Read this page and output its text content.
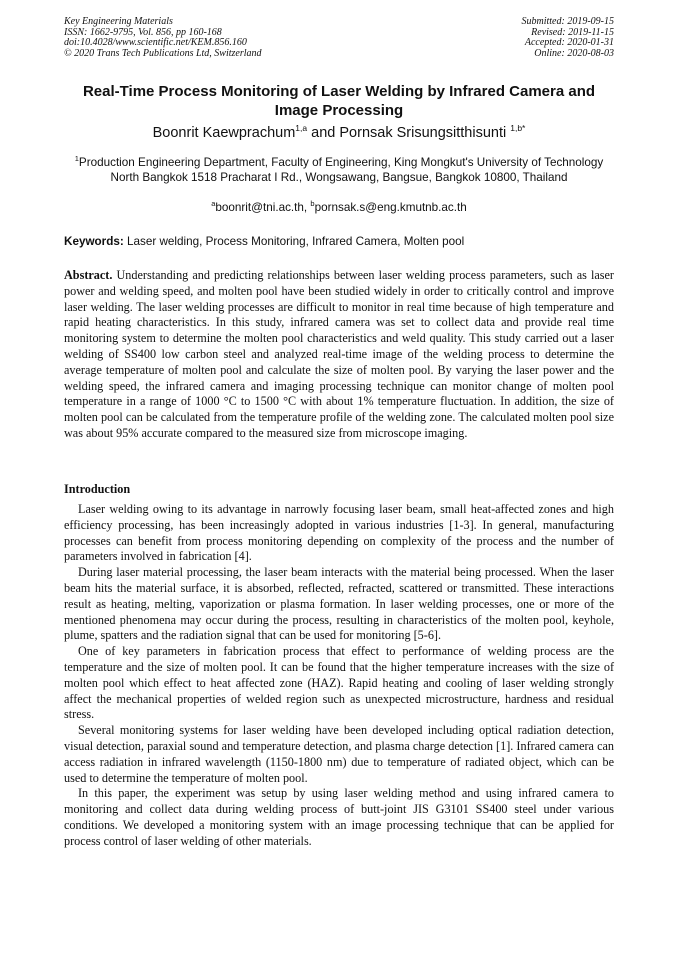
Key Engineering Materials
ISSN: 1662-9795, Vol. 856, pp 160-168
doi:10.4028/www.scientific.net/KEM.856.160
© 2020 Trans Tech Publications Ltd, Switzerland
Submitted: 2019-09-15
Revised: 2019-11-15
Accepted: 2020-01-31
Online: 2020-08-03
Real-Time Process Monitoring of Laser Welding by Infrared Camera and Image Processing
Boonrit Kaewprachum$^{1,a}$ and Pornsak Srisungsitthisunti $^{1,b*}$
$^1$Production Engineering Department, Faculty of Engineering, King Mongkut's University of Technology North Bangkok 1518 Pracharat I Rd., Wongsawang, Bangsue, Bangkok 10800, Thailand
$^a$boonrit@tni.ac.th, $^b$pornsak.s@eng.kmutnb.ac.th
Keywords: Laser welding, Process Monitoring, Infrared Camera, Molten pool
Abstract. Understanding and predicting relationships between laser welding process parameters, such as laser power and welding speed, and molten pool have been studied widely in order to critically control and improve laser welding. The laser welding processes are difficult to monitor in real time because of high temperature and rapid heating characteristics. In this study, infrared camera was set to collect data and provide real time monitoring system to determine the molten pool characteristics and weld quality. This study carried out a laser welding of SS400 low carbon steel and analyzed real-time image of the welding process to determine the average temperature of molten pool and calculate the size of molten pool. By varying the laser power and the welding speed, the infrared camera and imaging processing technique can monitor change of molten pool temperature in a range of 1000 °C to 1500 °C with about 1% temperature fluctuation. In addition, the size of molten pool can be calculated from the temperature profile of the welding zone. The calculated molten pool size was about 95% accurate compared to the measured size from microscope imaging.
Introduction

Laser welding owing to its advantage in narrowly focusing laser beam, small heat-affected zones and high efficiency processing, has been increasingly adopted in various industries [1-3]. In general, manufacturing processes can benefit from process monitoring depending on complexity of the process and the number of parameters involved in fabrication [4].

During laser material processing, the laser beam interacts with the material being processed. When the laser beam hits the material surface, it is absorbed, reflected, refracted, scattered or transmitted. These interactions result as heating, melting, vaporization or plasma formation. In laser welding processes, one or more of the mentioned phenomena may occur during the process, resulting in characteristics of the molten pool, keyhole, plume, spatters and the radiation signal that can be used for monitoring [5-6].

One of key parameters in fabrication process that effect to performance of welding process are the temperature and the size of molten pool. It can be found that the higher temperature increases with the size of molten pool which effect to heat affected zone (HAZ). Rapid heating and cooling of laser welding strongly affect the mechanical properties of welded region such as unexpected microstructure, hardness and residual stress.

Several monitoring systems for laser welding have been developed including optical radiation detection, visual detection, paraxial sound and temperature detection, and plasma charge detection [1]. Infrared camera can access radiation in infrared wavelength (1150-1800 nm) due to temperature of radiated object, which can be used to determine the temperature of molten pool.

In this paper, the experiment was setup by using laser welding method and using infrared camera to monitoring and collect data during welding process of butt-joint JIS G3101 SS400 steel under various conditions. We developed a monitoring system with an image processing technique that can be applied for process control of laser welding of other materials.
